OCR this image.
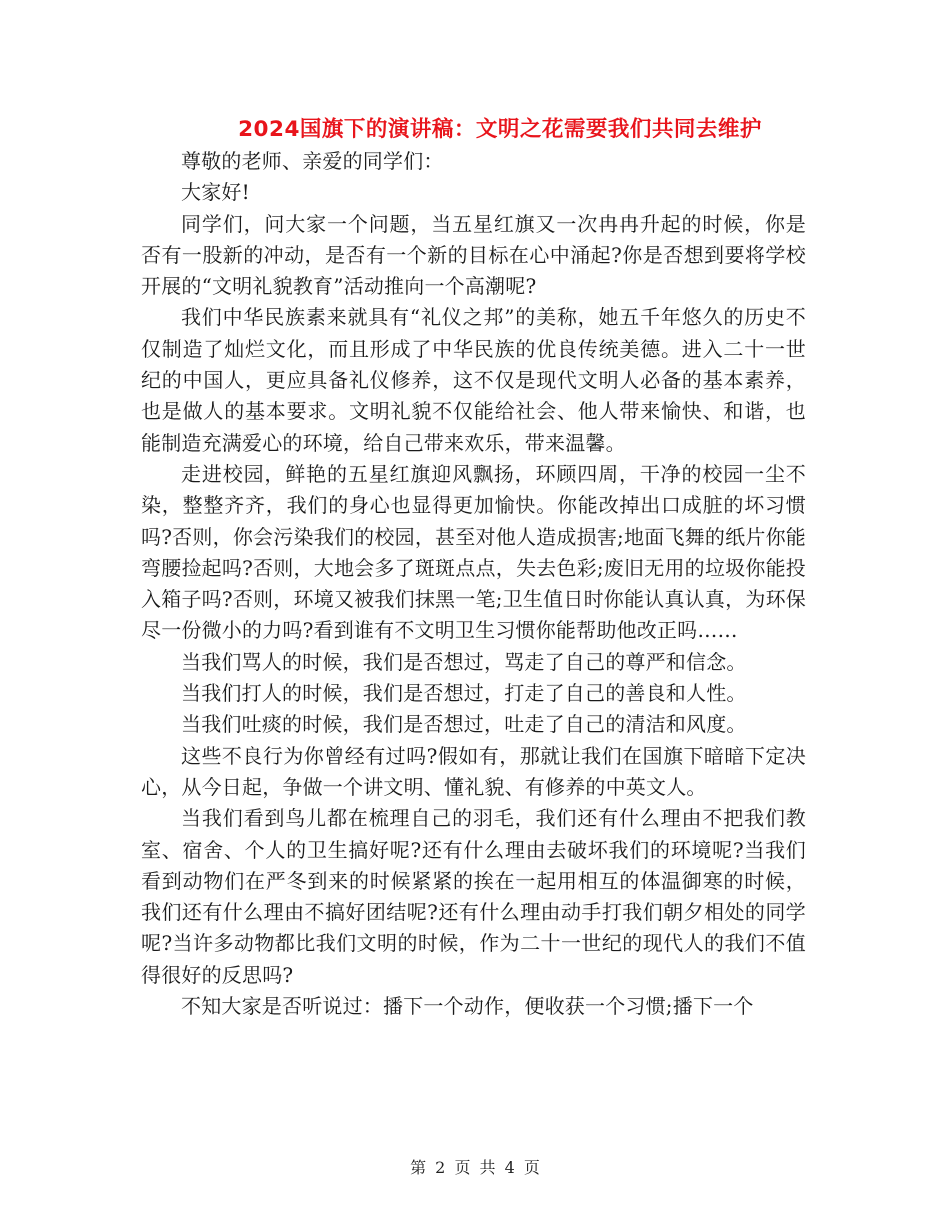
2024国旗下的演讲稿：文明之花需要我们共同去维护

尊敬的老师、亲爱的同学们：

大家好!

同学们，问大家一个问题，当五星红旗又一次冉冉升起的时候，你是否有一股新的冲动，是否有一个新的目标在心中涌起?你是否想到要将学校开展的“文明礼貌教育”活动推向一个高潮呢?

我们中华民族素来就具有“礼仪之邦”的美称，她五千年悠久的历史不仅制造了灿烂文化，而且形成了中华民族的优良传统美德。进入二十一世纪的中国人，更应具备礼仪修养，这不仅是现代文明人必备的基本素养，也是做人的基本要求。文明礼貌不仅能给社会、他人带来愉快、和谐，也能制造充满爱心的环境，给自己带来欢乐，带来温馨。

走进校园，鲜艳的五星红旗迎风飘扬，环顾四周，干净的校园一尘不染，整整齐齐，我们的身心也显得更加愉快。你能改掉出口成脏的坏习惯吗?否则，你会污染我们的校园，甚至对他人造成损害;地面飞舞的纸片你能弯腰捡起吗?否则，大地会多了斑斑点点，失去色彩;废旧无用的垃圾你能投入箱子吗?否则，环境又被我们抹黑一笔;卫生值日时你能认真认真，为环保尽一份微小的力吗?看到谁有不文明卫生习惯你能帮助他改正吗……

当我们骂人的时候，我们是否想过，骂走了自己的尊严和信念。

当我们打人的时候，我们是否想过，打走了自己的善良和人性。

当我们吐痰的时候，我们是否想过，吐走了自己的清洁和风度。

这些不良行为你曾经有过吗?假如有，那就让我们在国旗下暗暗下定决心，从今日起，争做一个讲文明、懂礼貌、有修养的中英文人。

当我们看到鸟儿都在梳理自己的羽毛，我们还有什么理由不把我们教室、宿舍、个人的卫生搞好呢?还有什么理由去破坏我们的环境呢?当我们看到动物们在严冬到来的时候紧紧的挨在一起用相互的体温御寒的时候，我们还有什么理由不搞好团结呢?还有什么理由动手打我们朝夕相处的同学呢?当许多动物都比我们文明的时候，作为二十一世纪的现代人的我们不值得很好的反思吗?

不知大家是否听说过：播下一个动作，便收获一个习惯;播下一个

第 2 页 共 4 页
